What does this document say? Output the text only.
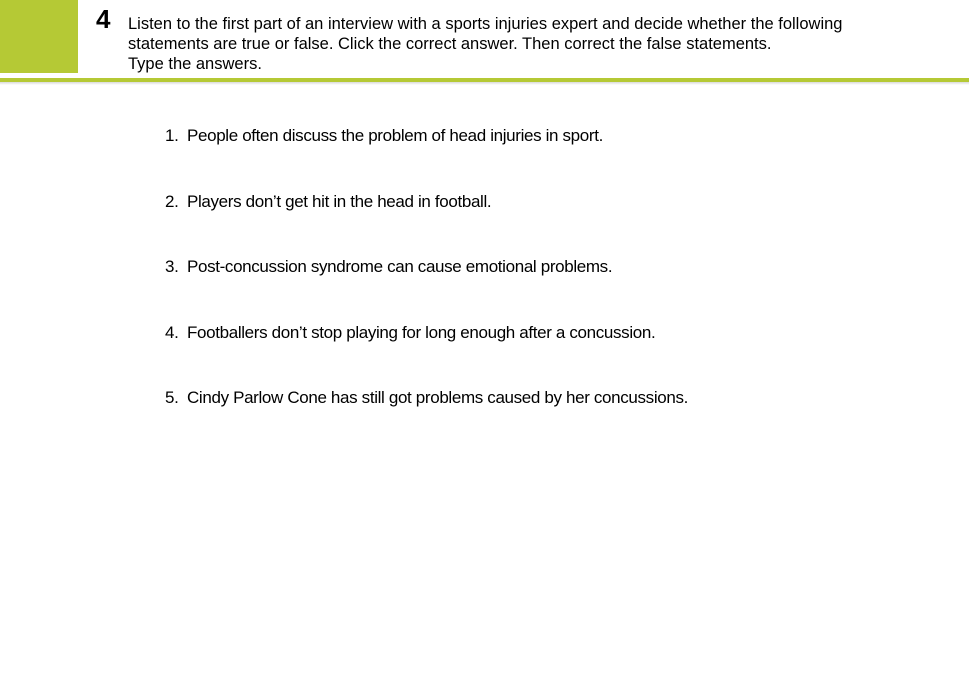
4 Listen to the first part of an interview with a sports injuries expert and decide whether the following
statements are true or false. Click the correct answer. Then correct the false statements.
Type the answers.
1. People often discuss the problem of head injuries in sport.
2. Players don’t get hit in the head in football.
3. Post-concussion syndrome can cause emotional problems.
4. Footballers don’t stop playing for long enough after a concussion.
5. Cindy Parlow Cone has still got problems caused by her concussions.
